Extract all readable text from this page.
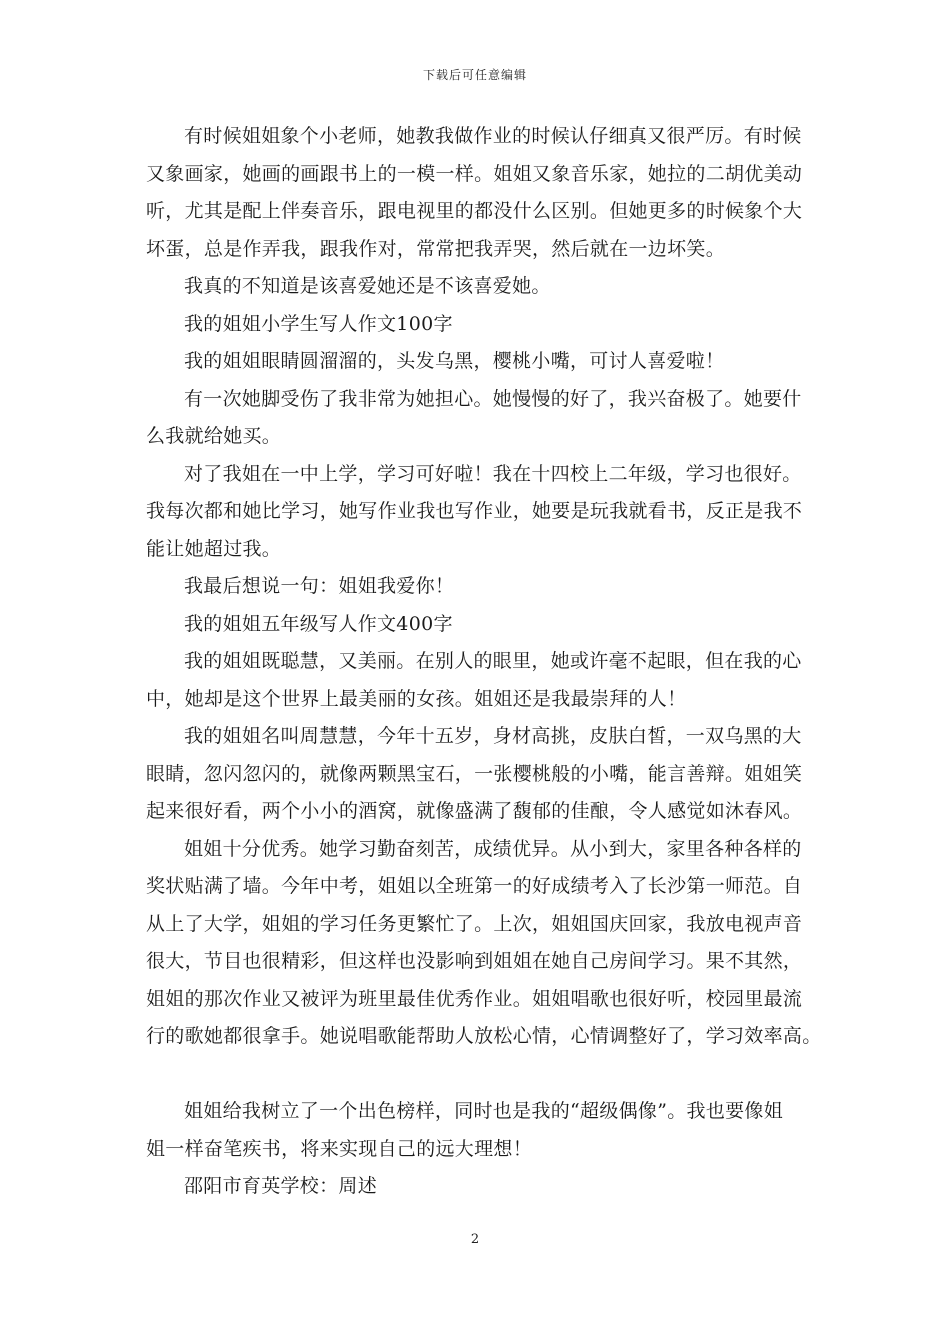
下载后可任意编辑
有时候姐姐象个小老师，她教我做作业的时候认仔细真又很严厉。有时候
又象画家，她画的画跟书上的一模一样。姐姐又象音乐家，她拉的二胡优美动
听，尤其是配上伴奏音乐，跟电视里的都没什么区别。但她更多的时候象个大
坏蛋，总是作弄我，跟我作对，常常把我弄哭，然后就在一边坏笑。
我真的不知道是该喜爱她还是不该喜爱她。
我的姐姐小学生写人作文100字
我的姐姐眼睛圆溜溜的，头发乌黑，樱桃小嘴，可讨人喜爱啦！
有一次她脚受伤了我非常为她担心。她慢慢的好了，我兴奋极了。她要什
么我就给她买。
对了我姐在一中上学，学习可好啦！我在十四校上二年级，学习也很好。
我每次都和她比学习，她写作业我也写作业，她要是玩我就看书，反正是我不
能让她超过我。
我最后想说一句：姐姐我爱你！
我的姐姐五年级写人作文400字
我的姐姐既聪慧，又美丽。在别人的眼里，她或许毫不起眼，但在我的心
中，她却是这个世界上最美丽的女孩。姐姐还是我最崇拜的人！
我的姐姐名叫周慧慧，今年十五岁，身材高挑，皮肤白皙，一双乌黑的大
眼睛，忽闪忽闪的，就像两颗黑宝石，一张樱桃般的小嘴，能言善辩。姐姐笑
起来很好看，两个小小的酒窝，就像盛满了馥郁的佳酿，令人感觉如沐春风。
姐姐十分优秀。她学习勤奋刻苦，成绩优异。从小到大，家里各种各样的
奖状贴满了墙。今年中考，姐姐以全班第一的好成绩考入了长沙第一师范。自
从上了大学，姐姐的学习任务更繁忙了。上次，姐姐国庆回家，我放电视声音
很大，节目也很精彩，但这样也没影响到姐姐在她自己房间学习。果不其然，
姐姐的那次作业又被评为班里最佳优秀作业。姐姐唱歌也很好听，校园里最流
行的歌她都很拿手。她说唱歌能帮助人放松心情，心情调整好了，学习效率高。
姐姐给我树立了一个出色榜样，同时也是我的“超级偶像”。我也要像姐
姐一样奋笔疾书，将来实现自己的远大理想！
邵阳市育英学校：周述
2
